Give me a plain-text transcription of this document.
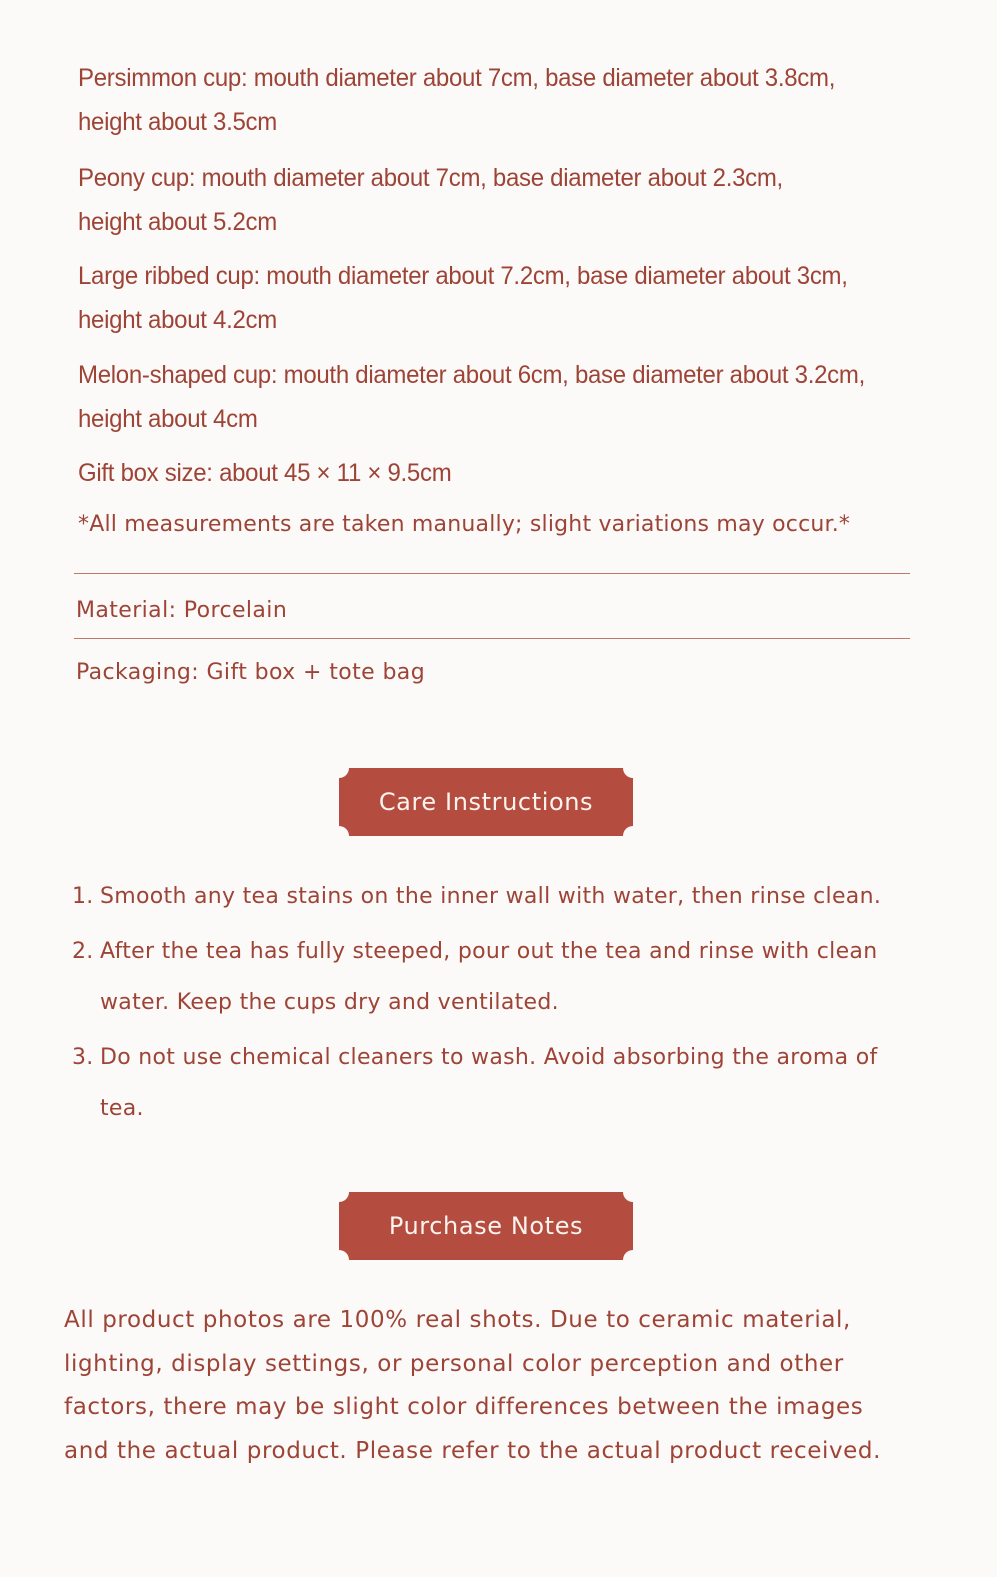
Persimmon cup: mouth diameter about 7cm, base diameter about 3.8cm,
height about 3.5cm
Peony cup: mouth diameter about 7cm, base diameter about 2.3cm,
height about 5.2cm
Large ribbed cup: mouth diameter about 7.2cm, base diameter about 3cm,
height about 4.2cm
Melon-shaped cup: mouth diameter about 6cm, base diameter about 3.2cm,
height about 4cm
Gift box size: about 45 × 11 × 9.5cm
*All measurements are taken manually; slight variations may occur.*
Material: Porcelain
Packaging: Gift box + tote bag
Care Instructions
1. Smooth any tea stains on the inner wall with water, then rinse clean.
2. After the tea has fully steeped, pour out the tea and rinse with clean
water. Keep the cups dry and ventilated.
3. Do not use chemical cleaners to wash. Avoid absorbing the aroma of
tea.
Purchase Notes
All product photos are 100% real shots. Due to ceramic material,
lighting, display settings, or personal color perception and other
factors, there may be slight color differences between the images
and the actual product. Please refer to the actual product received.
